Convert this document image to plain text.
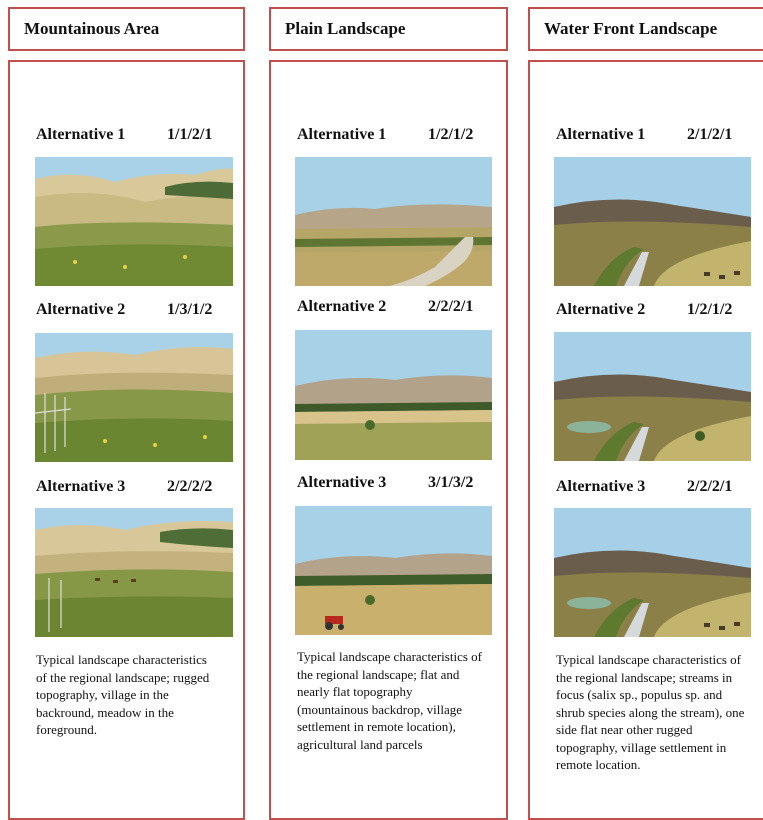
Mountainous Area	Plain Landscape	Water Front Landscape
Alternative 1	1/1/2/1
Alternative 2	1/3/1/2
Alternative 3	2/2/2/2
Typical landscape characteristics of the regional landscape; rugged topography, village in the backround, meadow in the foreground.
Alternative 1	1/2/1/2
Alternative 2	2/2/2/1
Alternative 3	3/1/3/2
Typical landscape characteristics of the regional landscape; flat and nearly flat topography (mountainous backdrop, village settlement in remote location), agricultural land parcels
Alternative 1	2/1/2/1
Alternative 2	1/2/1/2
Alternative 3	2/2/2/1
Typical landscape characteristics of the regional landscape; streams in focus (salix sp., populus sp. and shrub species along the stream), one side flat near other rugged topography, village settlement in remote location.
